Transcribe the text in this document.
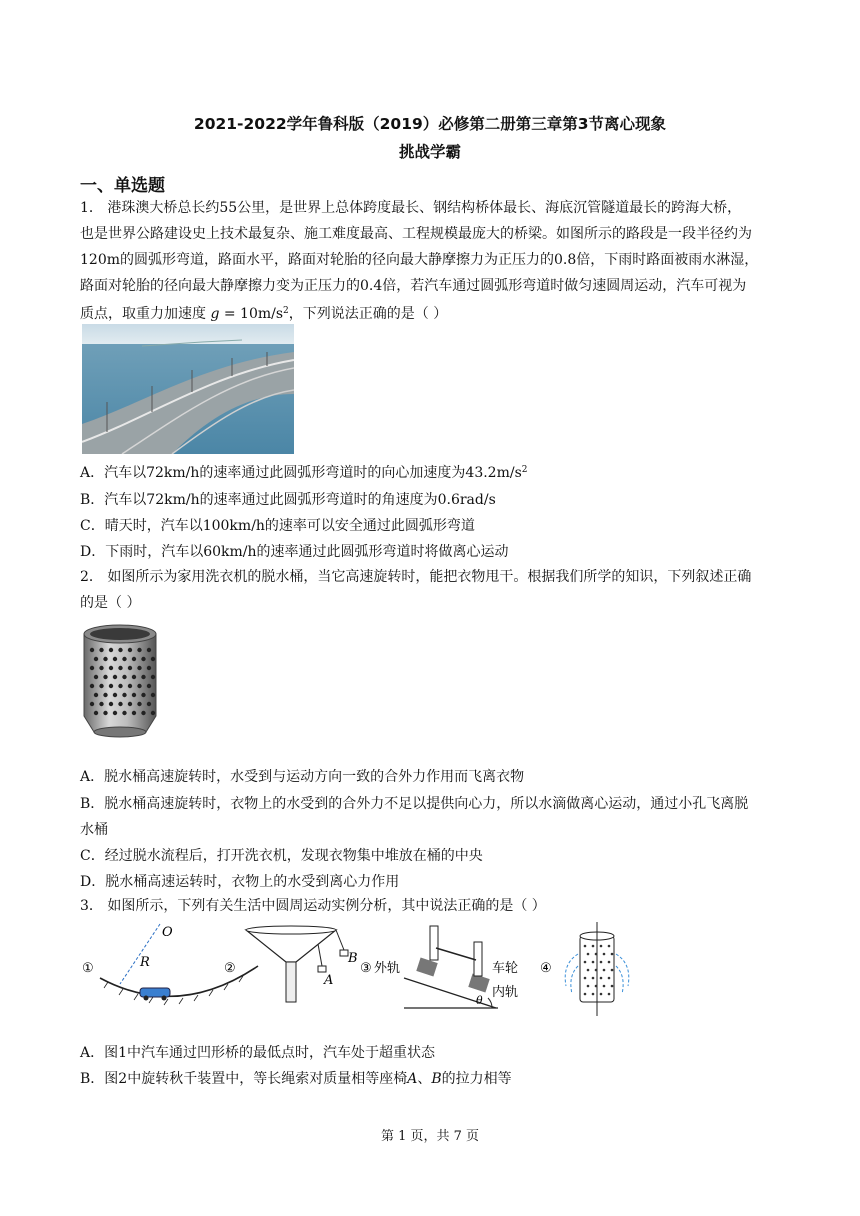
2021-2022学年鲁科版（2019）必修第二册第三章第3节离心现象
挑战学霸
一、单选题
1． 港珠澳大桥总长约55公里，是世界上总体跨度最长、钢结构桥体最长、海底沉管隧道最长的跨海大桥，
也是世界公路建设史上技术最复杂、施工难度最高、工程规模最庞大的桥梁。如图所示的路段是一段半径约为
120m的圆弧形弯道，路面水平，路面对轮胎的径向最大静摩擦力为正压力的0.8倍，下雨时路面被雨水淋湿，
路面对轮胎的径向最大静摩擦力变为正压力的0.4倍，若汽车通过圆弧形弯道时做匀速圆周运动，汽车可视为
质点，取重力加速度 $g = 10m/s^2$，下列说法正确的是（ ）
A．汽车以72km/h的速率通过此圆弧形弯道时的向心加速度为$43.2m/s^2$
B．汽车以72km/h的速率通过此圆弧形弯道时的角速度为0.6rad/s
C．晴天时，汽车以100km/h的速率可以安全通过此圆弧形弯道
D．下雨时，汽车以60km/h的速率通过此圆弧形弯道时将做离心运动
2． 如图所示为家用洗衣机的脱水桶，当它高速旋转时，能把衣物甩干。根据我们所学的知识，下列叙述正确
的是（ ）
A．脱水桶高速旋转时，水受到与运动方向一致的合外力作用而飞离衣物
B．脱水桶高速旋转时，衣物上的水受到的合外力不足以提供向心力，所以水滴做离心运动，通过小孔飞离脱
水桶
C．经过脱水流程后，打开洗衣机，发现衣物集中堆放在桶的中央
D．脱水桶高速运转时，衣物上的水受到离心力作用
3． 如图所示，下列有关生活中圆周运动实例分析，其中说法正确的是（ ）
①
O
R	②
B
A
③ 外轨
θ
车轮
内轨
④
A．图1中汽车通过凹形桥的最低点时，汽车处于超重状态
B．图2中旋转秋千装置中，等长绳索对质量相等座椅A、B的拉力相等
第 1 页，共 7 页
